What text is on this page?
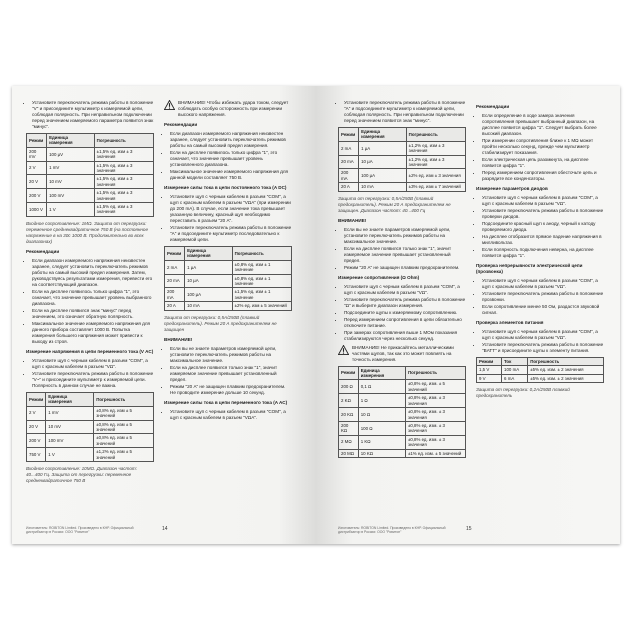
• Установите переключатель режима работы в положение "V" и присоедините мультиметр к измеряемой цепи, соблюдая полярность. При неправильном подключении перед значением измеряемого параметра появится знак "минус".
Режим	Единица измерения	Погрешность
200 mV	100 µV	±1,5% ед. изм ± 3 значения
2 V	1 mV	±1,5% ед. изм ± 3 значения
20 V	10 mV	±1,5% ед. изм ± 3 значения
200 V	100 mV	±1,5% ед. изм ± 3 значения
1000 V	1 V	±1,5% ед. изм ± 3 значения

Входное сопротивление: 1МΩ. Защита от перегрузки: переменное среднеквадратичное 750 В (на постоянное напряжение в на 30с 1000 В. Продолжительно во всех диапазонах)

Рекомендации

• Если диапазон измеряемого напряжения неизвестен заранее, следует установить переключатель режимов работы на самый высокий предел измерения. Затем, руководствуясь результатами измерения, перевести его на соответствующий диапазон.
• Если на дисплее появилось только цифра "1", это означает, что значение превышает уровень выбранного диапазона.
• Если на дисплее появился знак "минус" перед значением, это означает обратную полярность.
• Максимальное значение измеряемого напряжения для данного прибора составляет 1000 В. Попытка измерения большего напряжения может привести к выходу из строя.

Измерение напряжения в цепи переменного тока (V AC)

• Установите щуп с черным кабелем в разъем "COM", а щуп с красным кабелем в разъем "VΩ".
• Установите переключатель режима работы в положение "V~" и присоедините мультиметр к измеряемой цепи. Полярность в данном случае не важна.
Режим	Единица измерения	Погрешность
2 V	1 mV	±0,8% ед. изм ± 5 значений
20 V	10 mV	±0,8% ед. изм ± 5 значений
200 V	100 mV	±0,8% ед. изм ± 5 значений
750 V	1 V	±1,2% ед. изм ± 5 значений

Входное сопротивление: 10МΩ. Диапазон частот: 40...400 Гц. Защита от перегрузки: переменное среднеквадратичное 750 В

ВНИМАНИЕ! Чтобы избежать удара током, следует соблюдать особую осторожность при измерении высокого напряжения.

Рекомендации

• Если диапазон измеряемого напряжения неизвестен заранее, следует установить переключатель режимов работы на самый высокий предел измерения.
• Если на дисплее появилось только цифра "1", это означает, что значение превышает уровень установленного диапазона.
• Максимальное значение измеряемого напряжения для данной модели составляет 750 В.

Измерение силы тока в цепи постоянного тока (A DC)

• Установите щуп с черным кабелем в разъем "COM", а щуп с красным кабелем в разъем "VΩA" (при измерении до 200 mA). В случае, если значение тока превышает указанную величину, красный щуп необходимо переставить в разъем "20 A".
• Установите переключатель режима работы в положение "A" и подсоедините мультиметр последовательно к измеряемой цепи.
Режим	Единица измерения	Погрешность
2 mA	1 µA	±0,8% ед. изм ± 1 значение
20 mA	10 µA	±0,8% ед. изм ± 1 значение
200 mA	100 µA	±1,5% ед. изм ± 1 значение
20 A	10 mA	±2% ед. изм ± 5 значений

Защита от перегрузки: 0,5А/250В (плавкий предохранитель). Режим 20 А предохранителем не защищен

ВНИМАНИЕ!

• Если вы не знаете параметров измеряемой цепи, установите переключатель режимов работы на максимальное значение.
• Если на дисплее появился только знак "1", значит измеряемое значение превышает установленный предел.
• Режим "20 A" не защищен плавким предохранителем. Не проводите измерение дольше 10 секунд.

Измерение силы тока в цепи переменного тока (A AC)

• Установите щуп с черным кабелем в разъем "COM", а щуп с красным кабелем в разъем "VΩA".
Изготовитель: ROBITON Limited. Произведено в КНР. Официальный дистрибьютор в России: ООО "Ровитон"	14
• Установите переключатель режима работы в положение "A" и подсоедините мультиметр к измеряемой цепи, соблюдая полярность. При неправильном подключении перед значением появится знак "минус".
Режим	Единица измерения	Погрешность
2 mA	1 µA	±1,2% ед. изм ± 3 значения
20 mA	10 µA	±1,2% ед. изм ± 3 значения
200 mA	100 µA	±2% ед. изм ± 3 значения
20 A	10 mA	±3% ед. изм ± 7 значений

Защита от перегрузки: 0,5А/250В (плавкий предохранитель). Режим 20 А предохранителем не защищен. Диапазон частот: 40...400 Гц

ВНИМАНИЕ!

• Если вы не знаете параметров измеряемой цепи, установите переключатель режимов работы на максимальное значение.
• Если на дисплее появился только знак "1", значит измеряемое значение превышает установленный предел.
• Режим "20 A" не защищен плавким предохранителем.

Измерение сопротивления (Ω Ohm)

• Установите щуп с черным кабелем в разъем "COM", а щуп с красным кабелем в разъем "VΩ".
• Установите переключатель режима работы в положение "Ω" и выберите диапазон измерения.
• Подсоедините щупы к измеряемому сопротивлению.
• Перед измерением сопротивления в цепи обязательно отключите питание.
• При замерах сопротивления выше 1 МОм показания стабилизируются через несколько секунд.
ВНИМАНИЕ! Не прикасайтесь металлическими частями щупов, так как это может повлиять на точность измерения.
Режим	Единица измерения	Погрешность
200 Ω	0,1 Ω	±0,8% ед. изм. ± 5 значений
2 KΩ	1 Ω	±0,8% ед. изм. ± 3 значения
20 KΩ	10 Ω	±0,8% ед. изм. ± 3 значения
200 KΩ	100 Ω	±0,8% ед. изм. ± 3 значения
2 MΩ	1 KΩ	±0,8% ед. изм. ± 3 значения
20 MΩ	10 KΩ	±1% ед. изм. ± 5 значений

Рекомендации

• Если определение в ходе замера значения сопротивления превышает выбранный диапазон, на дисплее появится цифра "1". Следует выбрать более высокий диапазон.
• При измерении сопротивления ближе к 1 МΩ может пройти несколько секунд, прежде чем мультиметр стабилизирует показания.
• Если электрическая цепь разомкнута, на дисплее появится цифра "1".
• Перед измерением сопротивления обесточьте цепь и разрядите все конденсаторы.

Измерение параметров диодов

• Установите щуп с черным кабелем в разъем "COM", а щуп с красным кабелем в разъем "VΩ".
• Установите переключатель режима работы в положение проверки диодов.
• Подсоедините красный щуп к аноду, черный к катоду проверяемого диода.
• На дисплее отобразится прямое падение напряжения в милливольтах.
• Если полярность подключения неверна, на дисплее появится цифра "1".

Проверка непрерывности электрической цепи (прозвонка)

• Установите щуп с черным кабелем в разъем "COM", а щуп с красным кабелем в разъем "VΩ".
• Установите переключатель режима работы в положение прозвонки.
• Если сопротивление менее 50 Ом, раздастся звуковой сигнал.

Проверка элементов питания

• Установите щуп с черным кабелем в разъем "COM", а щуп с красным кабелем в разъем "VΩ".
• Установите переключатель режима работы в положение "BATT" и присоедините щупы к элементу питания.
Режим	Ток	Погрешность
1,5 V	100 mA	±5% ед. изм. ± 2 значения
9 V	6 mA	±5% ед. изм. ± 2 значения

Защита от перегрузки: 0,2А/250В плавкий предохранитель

Изготовитель: ROBITON Limited. Произведено в КНР. Официальный дистрибьютор в России: ООО "Ровитон"	15
